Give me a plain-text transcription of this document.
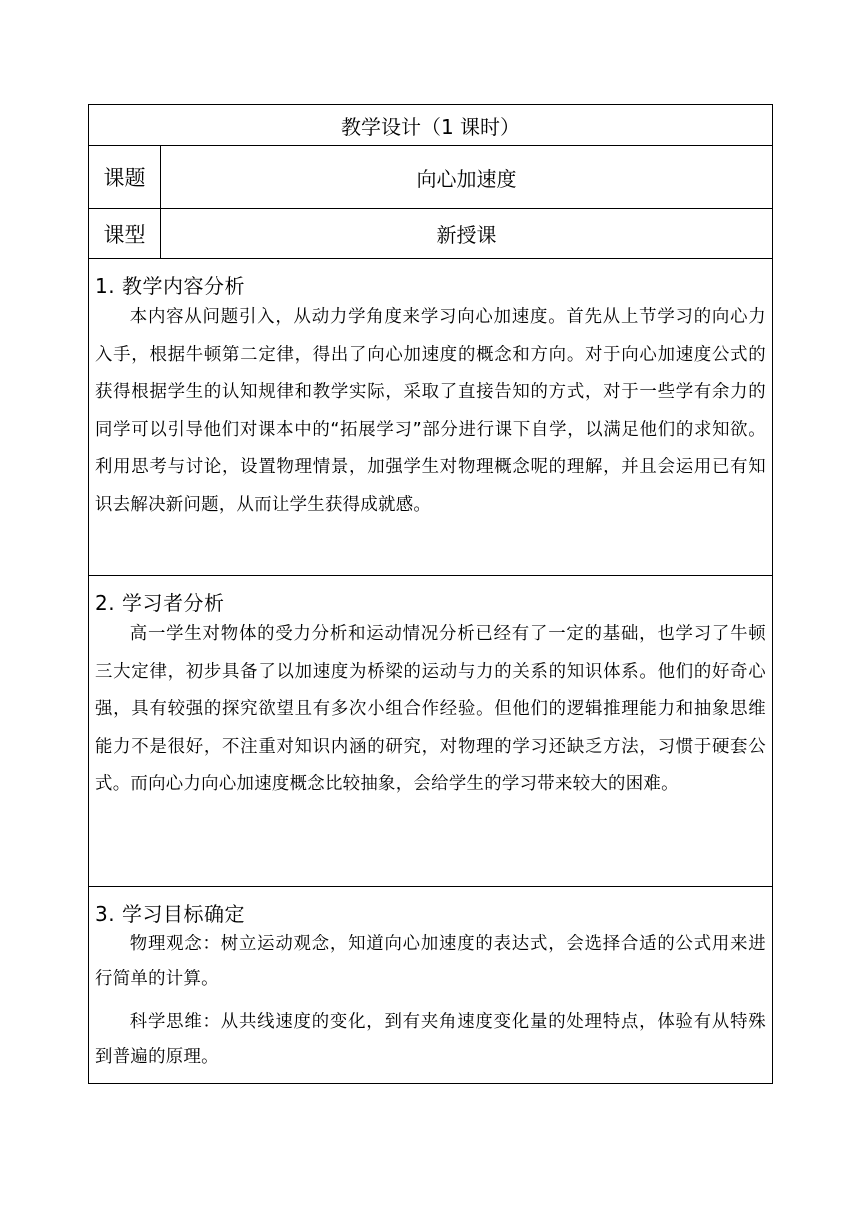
教学设计（1 课时）	
课题	向心加速度
课型	新授课

1. 教学内容分析

本内容从问题引入，从动力学角度来学习向心加速度。首先从上节学习的向心力入手，根据牛顿第二定律，得出了向心加速度的概念和方向。对于向心加速度公式的获得根据学生的认知规律和教学实际，采取了直接告知的方式，对于一些学有余力的同学可以引导他们对课本中的“拓展学习”部分进行课下自学，以满足他们的求知欲。利用思考与讨论，设置物理情景，加强学生对物理概念呢的理解，并且会运用已有知识去解决新问题，从而让学生获得成就感。	

2. 学习者分析

高一学生对物体的受力分析和运动情况分析已经有了一定的基础，也学习了牛顿三大定律，初步具备了以加速度为桥梁的运动与力的关系的知识体系。他们的好奇心强，具有较强的探究欲望且有多次小组合作经验。但他们的逻辑推理能力和抽象思维能力不是很好，不注重对知识内涵的研究，对物理的学习还缺乏方法，习惯于硬套公式。而向心力向心加速度概念比较抽象，会给学生的学习带来较大的困难。	

3. 学习目标确定

物理观念：树立运动观念，知道向心加速度的表达式，会选择合适的公式用来进行简单的计算。

科学思维：从共线速度的变化，到有夹角速度变化量的处理特点，体验有从特殊到普遍的原理。	
